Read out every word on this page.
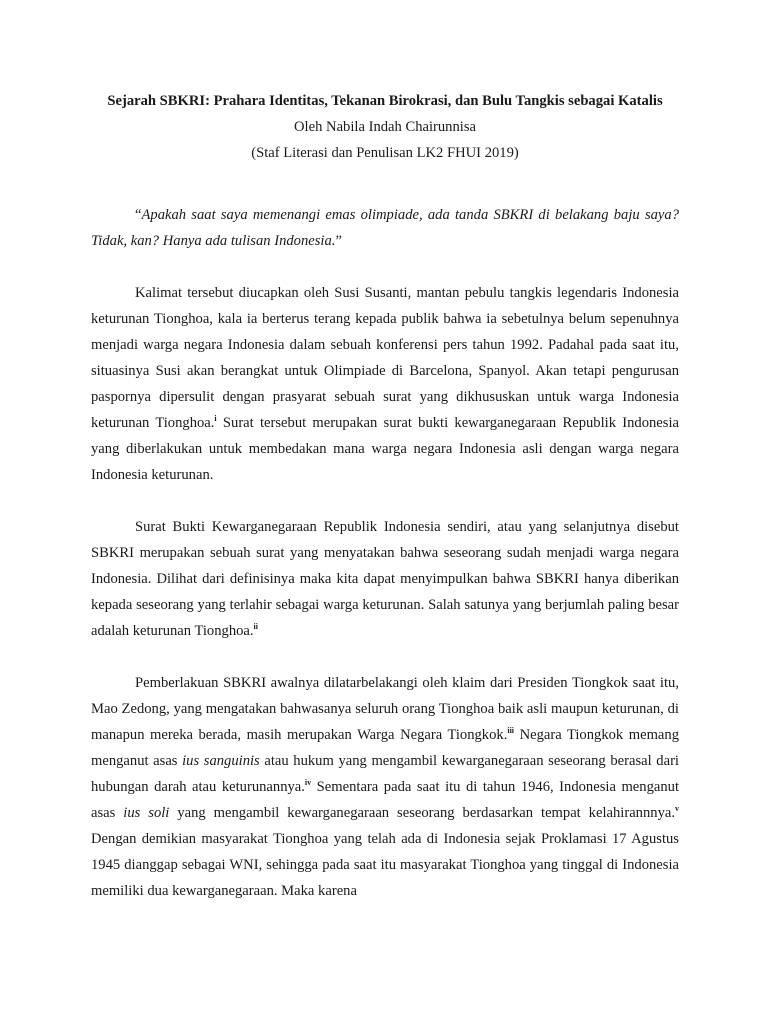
Sejarah SBKRI: Prahara Identitas, Tekanan Birokrasi, dan Bulu Tangkis sebagai Katalis

Oleh Nabila Indah Chairunnisa

(Staf Literasi dan Penulisan LK2 FHUI 2019)

“Apakah saat saya memenangi emas olimpiade, ada tanda SBKRI di belakang baju saya? Tidak, kan? Hanya ada tulisan Indonesia.”

Kalimat tersebut diucapkan oleh Susi Susanti, mantan pebulu tangkis legendaris Indonesia keturunan Tionghoa, kala ia berterus terang kepada publik bahwa ia sebetulnya belum sepenuhnya menjadi warga negara Indonesia dalam sebuah konferensi pers tahun 1992. Padahal pada saat itu, situasinya Susi akan berangkat untuk Olimpiade di Barcelona, Spanyol. Akan tetapi pengurusan paspornya dipersulit dengan prasyarat sebuah surat yang dikhususkan untuk warga Indonesia keturunan Tionghoa.$^i$ Surat tersebut merupakan surat bukti kewarganegaraan Republik Indonesia yang diberlakukan untuk membedakan mana warga negara Indonesia asli dengan warga negara Indonesia keturunan.

Surat Bukti Kewarganegaraan Republik Indonesia sendiri, atau yang selanjutnya disebut SBKRI merupakan sebuah surat yang menyatakan bahwa seseorang sudah menjadi warga negara Indonesia. Dilihat dari definisinya maka kita dapat menyimpulkan bahwa SBKRI hanya diberikan kepada seseorang yang terlahir sebagai warga keturunan. Salah satunya yang berjumlah paling besar adalah keturunan Tionghoa.$^{ii}$

Pemberlakuan SBKRI awalnya dilatarbelakangi oleh klaim dari Presiden Tiongkok saat itu, Mao Zedong, yang mengatakan bahwasanya seluruh orang Tionghoa baik asli maupun keturunan, di manapun mereka berada, masih merupakan Warga Negara Tiongkok.$^{iii}$ Negara Tiongkok memang menganut asas ius sanguinis atau hukum yang mengambil kewarganegaraan seseorang berasal dari hubungan darah atau keturunannya.$^{iv}$ Sementara pada saat itu di tahun 1946, Indonesia menganut asas ius soli yang mengambil kewarganegaraan seseorang berdasarkan tempat kelahirannnya.$^v$ Dengan demikian masyarakat Tionghoa yang telah ada di Indonesia sejak Proklamasi 17 Agustus 1945 dianggap sebagai WNI, sehingga pada saat itu masyarakat Tionghoa yang tinggal di Indonesia memiliki dua kewarganegaraan. Maka karena
